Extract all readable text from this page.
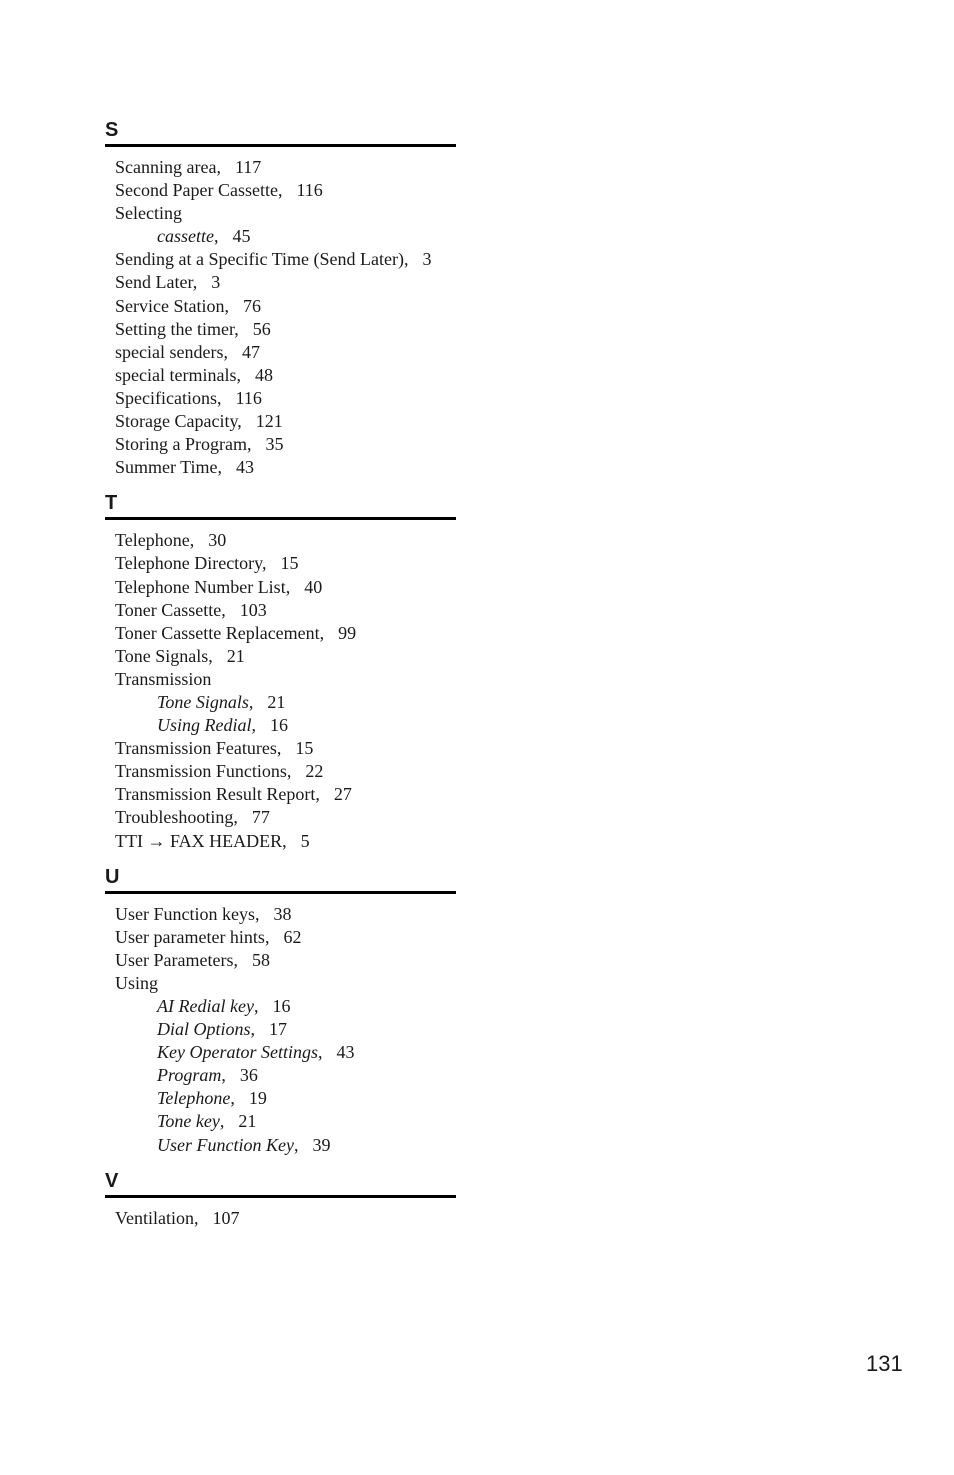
S
Scanning area, 117
Second Paper Cassette, 116
Selecting
cassette, 45
Sending at a Specific Time (Send Later), 3
Send Later, 3
Service Station, 76
Setting the timer, 56
special senders, 47
special terminals, 48
Specifications, 116
Storage Capacity, 121
Storing a Program, 35
Summer Time, 43
T
Telephone, 30
Telephone Directory, 15
Telephone Number List, 40
Toner Cassette, 103
Toner Cassette Replacement, 99
Tone Signals, 21
Transmission
Tone Signals, 21
Using Redial, 16
Transmission Features, 15
Transmission Functions, 22
Transmission Result Report, 27
Troubleshooting, 77
TTI → FAX HEADER, 5
U
User Function keys, 38
User parameter hints, 62
User Parameters, 58
Using
AI Redial key, 16
Dial Options, 17
Key Operator Settings, 43
Program, 36
Telephone, 19
Tone key, 21
User Function Key, 39
V
Ventilation, 107
131
